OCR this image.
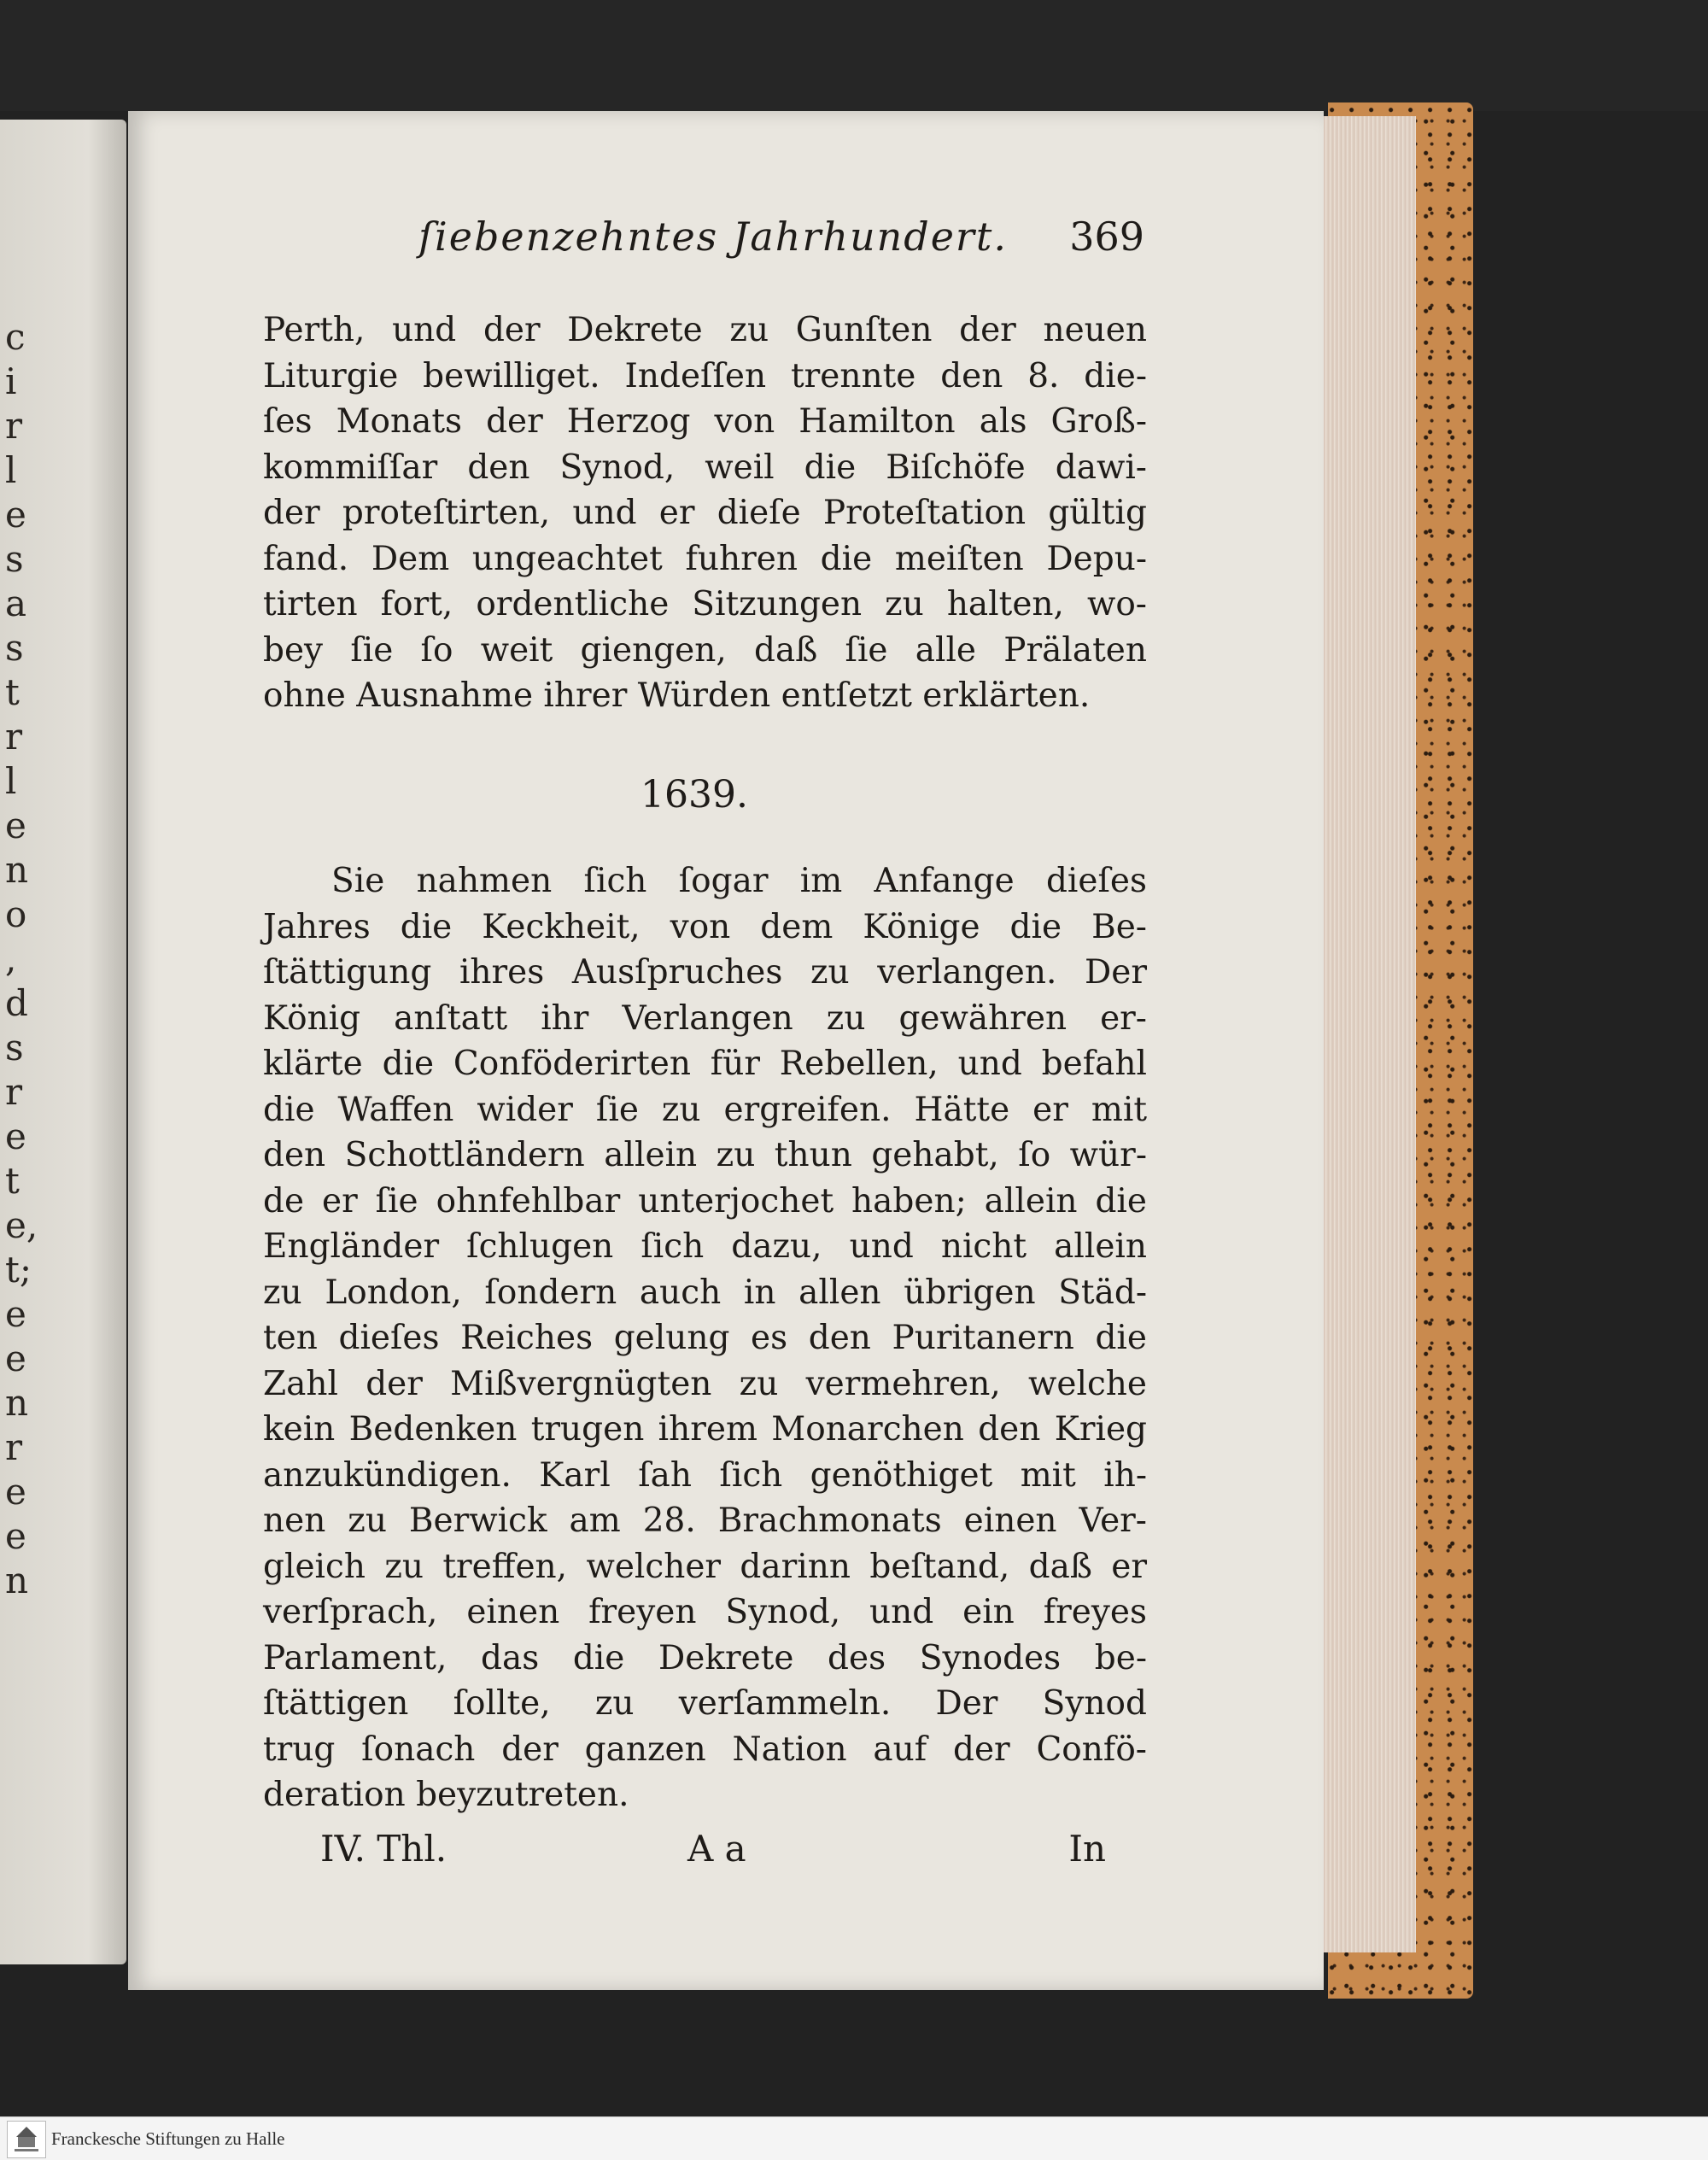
c
i
r
l
e
s
a
s
t
r
l
e
n
o
,
d
s
r
e
t
e,
t;
e
e
n
r
e
e
n
ſiebenzehntes Jahrhundert. 369
Perth, und der Dekrete zu Gunſten der neuen
Liturgie bewilliget. Indeſſen trennte den 8. die-
ſes Monats der Herzog von Hamilton als Groß-
kommiſſar den Synod, weil die Biſchöfe dawi-
der proteſtirten, und er dieſe Proteſtation gültig
fand. Dem ungeachtet fuhren die meiſten Depu-
tirten fort, ordentliche Sitzungen zu halten, wo-
bey ſie ſo weit giengen, daß ſie alle Prälaten
ohne Ausnahme ihrer Würden entſetzt erklärten.
1639.
Sie nahmen ſich ſogar im Anfange dieſes
Jahres die Keckheit, von dem Könige die Be-
ſtättigung ihres Ausſpruches zu verlangen. Der
König anſtatt ihr Verlangen zu gewähren er-
klärte die Conföderirten für Rebellen, und befahl
die Waffen wider ſie zu ergreifen. Hätte er mit
den Schottländern allein zu thun gehabt, ſo wür-
de er ſie ohnfehlbar unterjochet haben; allein die
Engländer ſchlugen ſich dazu, und nicht allein
zu London, ſondern auch in allen übrigen Städ-
ten dieſes Reiches gelung es den Puritanern die
Zahl der Mißvergnügten zu vermehren, welche
kein Bedenken trugen ihrem Monarchen den Krieg
anzukündigen. Karl ſah ſich genöthiget mit ih-
nen zu Berwick am 28. Brachmonats einen Ver-
gleich zu treffen, welcher darinn beſtand, daß er
verſprach, einen freyen Synod, und ein freyes
Parlament, das die Dekrete des Synodes be-
ſtättigen ſollte, zu verſammeln. Der Synod
trug ſonach der ganzen Nation auf der Confö-
deration beyzutreten.
IV. Thl.	A a	In
Franckesche Stiftungen zu Halle
